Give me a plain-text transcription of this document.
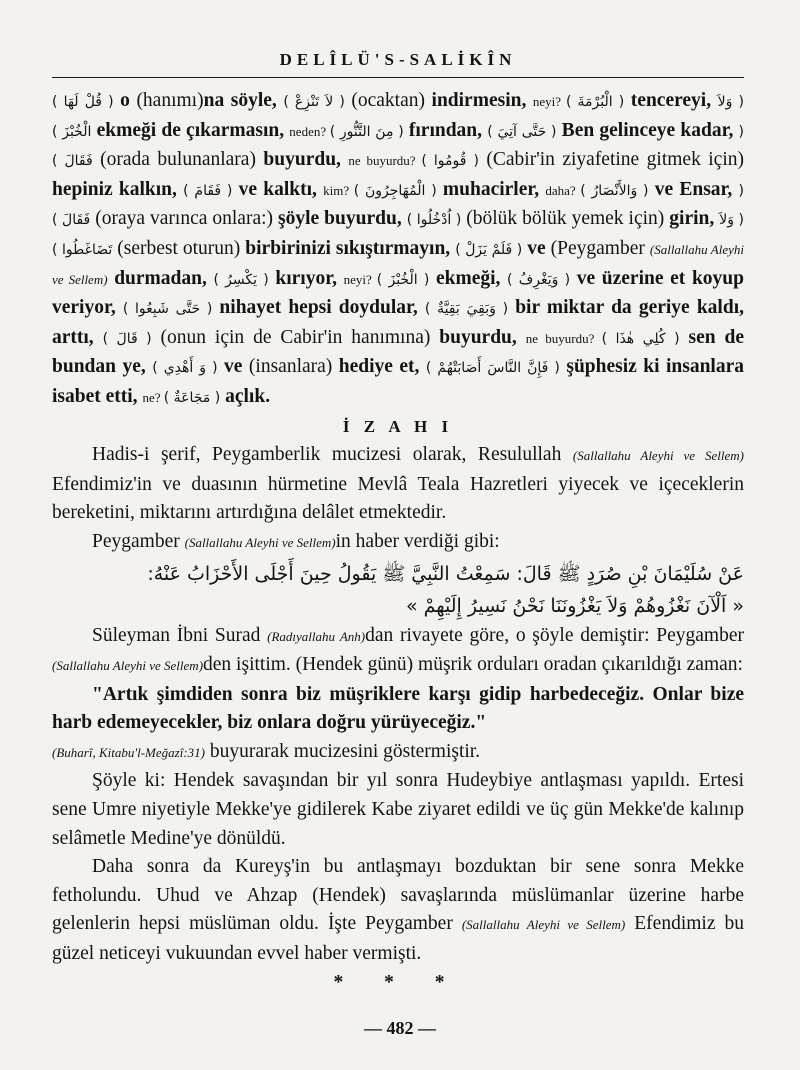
DELÎLÜ'S-SALİKÎN

( قُلْ لَهَا ) o (hanımı)na söyle, ( لاَ تَنْزِعْ ) (ocaktan) indirmesin, neyi? ( الْبُرْمَةَ ) tencereyi, ( وَلاَ الْخُبْزَ ) ekmeği de çıkarmasın, neden? ( مِنَ التَّنُّورِ ) fırından, ( حَتَّى آتِيَ ) Ben gelinceye kadar, ( فَقَالَ ) (orada bulunanlara) buyurdu, ne buyurdu? ( قُومُوا ) (Cabir'in ziyafetine gitmek için) hepiniz kalkın, ( فَقَامَ ) ve kalktı, kim? ( الْمُهَاجِرُونَ ) muhacirler, daha? ( وَالأَنْصَارُ ) ve Ensar, ( فَقَالَ ) (oraya varınca onlara:) şöyle buyurdu, ( اُدْخُلُوا ) (bölük bölük yemek için) girin, ( وَلاَ تَضَاغَطُوا ) (serbest oturun) birbirinizi sıkıştırmayın, ( فَلَمْ يَزَلْ ) ve (Peygamber (Sallallahu Aleyhi ve Sellem) durmadan, ( يَكْسِرُ ) kırıyor, neyi? ( الْخُبْزَ ) ekmeği, ( وَيَغْرِفُ ) ve üzerine et koyup veriyor, ( حَتَّى شَبِعُوا ) nihayet hepsi doydular, ( وَبَقِيَ بَقِيَّةٌ ) bir miktar da geriye kaldı, arttı, ( قَالَ ) (onun için de Cabir'in hanımına) buyurdu, ne buyurdu? ( كُلِي هٰذَا ) sen de bundan ye, ( وَ أَهْدِي ) ve (insanlara) hediye et, ( فَإِنَّ النَّاسَ أَصَابَتْهُمْ ) şüphesiz ki insanlara isabet etti, ne? ( مَجَاعَةٌ ) açlık.

İ Z A H I

Hadis-i şerif, Peygamberlik mucizesi olarak, Resulullah (Sallallahu Aleyhi ve Sellem) Efendimiz'in ve duasının hürmetine Mevlâ Teala Hazretleri yiyecek ve içeceklerin bereketini, miktarını artırdığına delâlet etmektedir.

Peygamber (Sallallahu Aleyhi ve Sellem)in haber verdiği gibi:

عَنْ سُلَيْمَانَ بْنِ صُرَدٍ ﷺ قَالَ: سَمِعْتُ النَّبِيَّ ﷺ يَقُولُ حِينَ أَجْلَى الأَحْزَابُ عَنْهُ:

« اَلْآنَ نَغْزُوهُمْ وَلاَ يَغْزُونَنَا نَحْنُ نَسِيرُ إِلَيْهِمْ »

Süleyman İbni Surad (Radıyallahu Anh)dan rivayete göre, o şöyle demiştir: Peygamber (Sallallahu Aleyhi ve Sellem)den işittim. (Hendek günü) müşrik orduları oradan çıkarıldığı zaman:

"Artık şimdiden sonra biz müşriklere karşı gidip harbedeceğiz. Onlar bize harb edemeyecekler, biz onlara doğru yürüyeceğiz."

(Buharî, Kitabu'l-Meğazî:31) buyurarak mucizesini göstermiştir.

Şöyle ki: Hendek savaşından bir yıl sonra Hudeybiye antlaşması yapıldı. Ertesi sene Umre niyetiyle Mekke'ye gidilerek Kabe ziyaret edildi ve üç gün Mekke'de kalınıp selâmetle Medine'ye dönüldü.

Daha sonra da Kureyş'in bu antlaşmayı bozduktan bir sene sonra Mekke fetholundu. Uhud ve Ahzap (Hendek) savaşlarında müslümanlar üzerine harbe gelenlerin hepsi müslüman oldu. İşte Peygamber (Sallallahu Aleyhi ve Sellem) Efendimiz bu güzel neticeyi vukuundan evvel haber vermişti.

* * *

— 482 —
